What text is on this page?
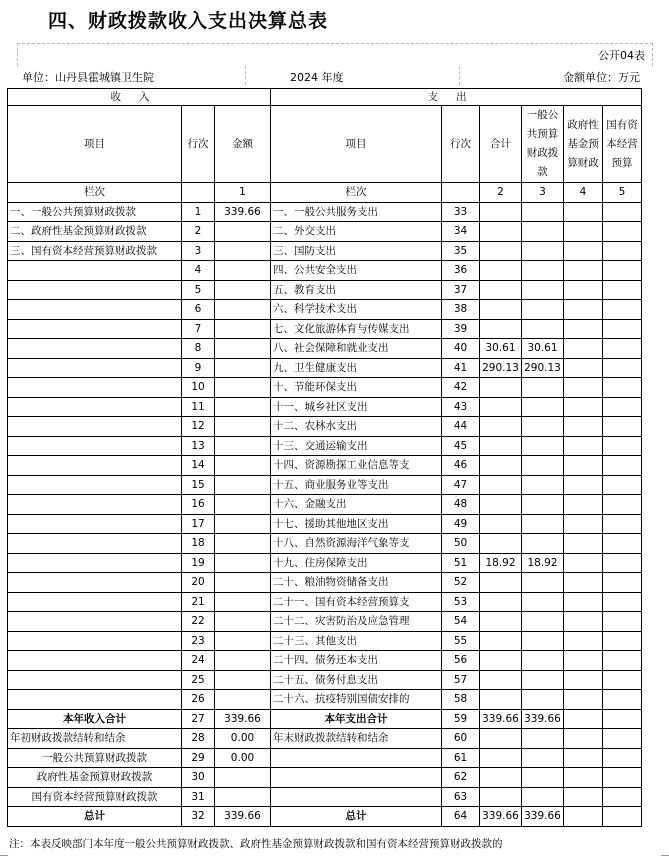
四、财政拨款收入支出决算总表
公开04表
单位：山丹县霍城镇卫生院	2024 年度	金额单位：万元
收入			支出					
项目	行次	金额	项目	行次	合计	一般公共预算财政拨款	政府性基金预算财政	国有资本经营预算
栏次		1	栏次		2	3	4	5
一、一般公共预算财政拨款	1	339.66	一、一般公共服务支出	33				
二、政府性基金预算财政拨款	2		二、外交支出	34				
三、国有资本经营预算财政拨款	3		三、国防支出	35				
	4		四、公共安全支出	36				
	5		五、教育支出	37				
	6		六、科学技术支出	38				
	7		七、文化旅游体育与传媒支出	39				
	8		八、社会保障和就业支出	40	30.61	30.61		
	9		九、卫生健康支出	41	290.13	290.13		
	10		十、节能环保支出	42				
	11		十一、城乡社区支出	43				
	12		十二、农林水支出	44				
	13		十三、交通运输支出	45				
	14		十四、资源勘探工业信息等支	46				
	15		十五、商业服务业等支出	47				
	16		十六、金融支出	48				
	17		十七、援助其他地区支出	49				
	18		十八、自然资源海洋气象等支	50				
	19		十九、住房保障支出	51	18.92	18.92		
	20		二十、粮油物资储备支出	52				
	21		二十一、国有资本经营预算支	53				
	22		二十二、灾害防治及应急管理	54				
	23		二十三、其他支出	55				
	24		二十四、债务还本支出	56				
	25		二十五、债务付息支出	57				
	26		二十六、抗疫特别国债安排的	58				
本年收入合计	27	339.66	本年支出合计	59	339.66	339.66		
年初财政拨款结转和结余	28	0.00	年末财政拨款结转和结余	60				
一般公共预算财政拨款	29	0.00		61				
政府性基金预算财政拨款	30			62				
国有资本经营预算财政拨款	31			63				
总计	32	339.66	总计	64	339.66	339.66		
注：本表反映部门本年度一般公共预算财政拨款、政府性基金预算财政拨款和国有资本经营预算财政拨款的
